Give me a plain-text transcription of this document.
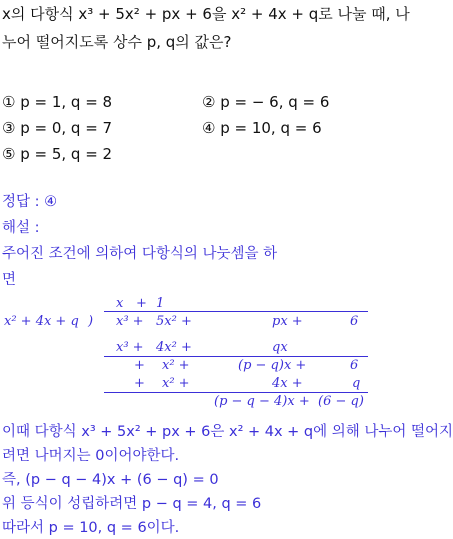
x의 다항식 x³ + 5x² + px + 6을 x² + 4x + q로 나눌 때, 나
누어 떨어지도록 상수 p, q의 값은?
① p = 1, q = 8	② p = − 6, q = 6
③ p = 0, q = 7	④ p = 10, q = 6
⑤ p = 5, q = 2
정답 : ④
해설 :
주어진 조건에 의하여 다항식의 나눗셈을 하
면
x + 1
x² + 4x + q ) x³ + 5x² +	px +	6
x³ + 4x² +	qx
+ x² +	(p − q)x +	6
+ x² +	4x +	q
(p − q − 4)x + (6 − q)
이때 다항식 x³ + 5x² + px + 6은 x² + 4x + q에 의해 나누어 떨어지
려면 나머지는 0이어야한다.
즉, (p − q − 4)x + (6 − q) = 0
위 등식이 성립하려면 p − q = 4, q = 6
따라서 p = 10, q = 6이다.
